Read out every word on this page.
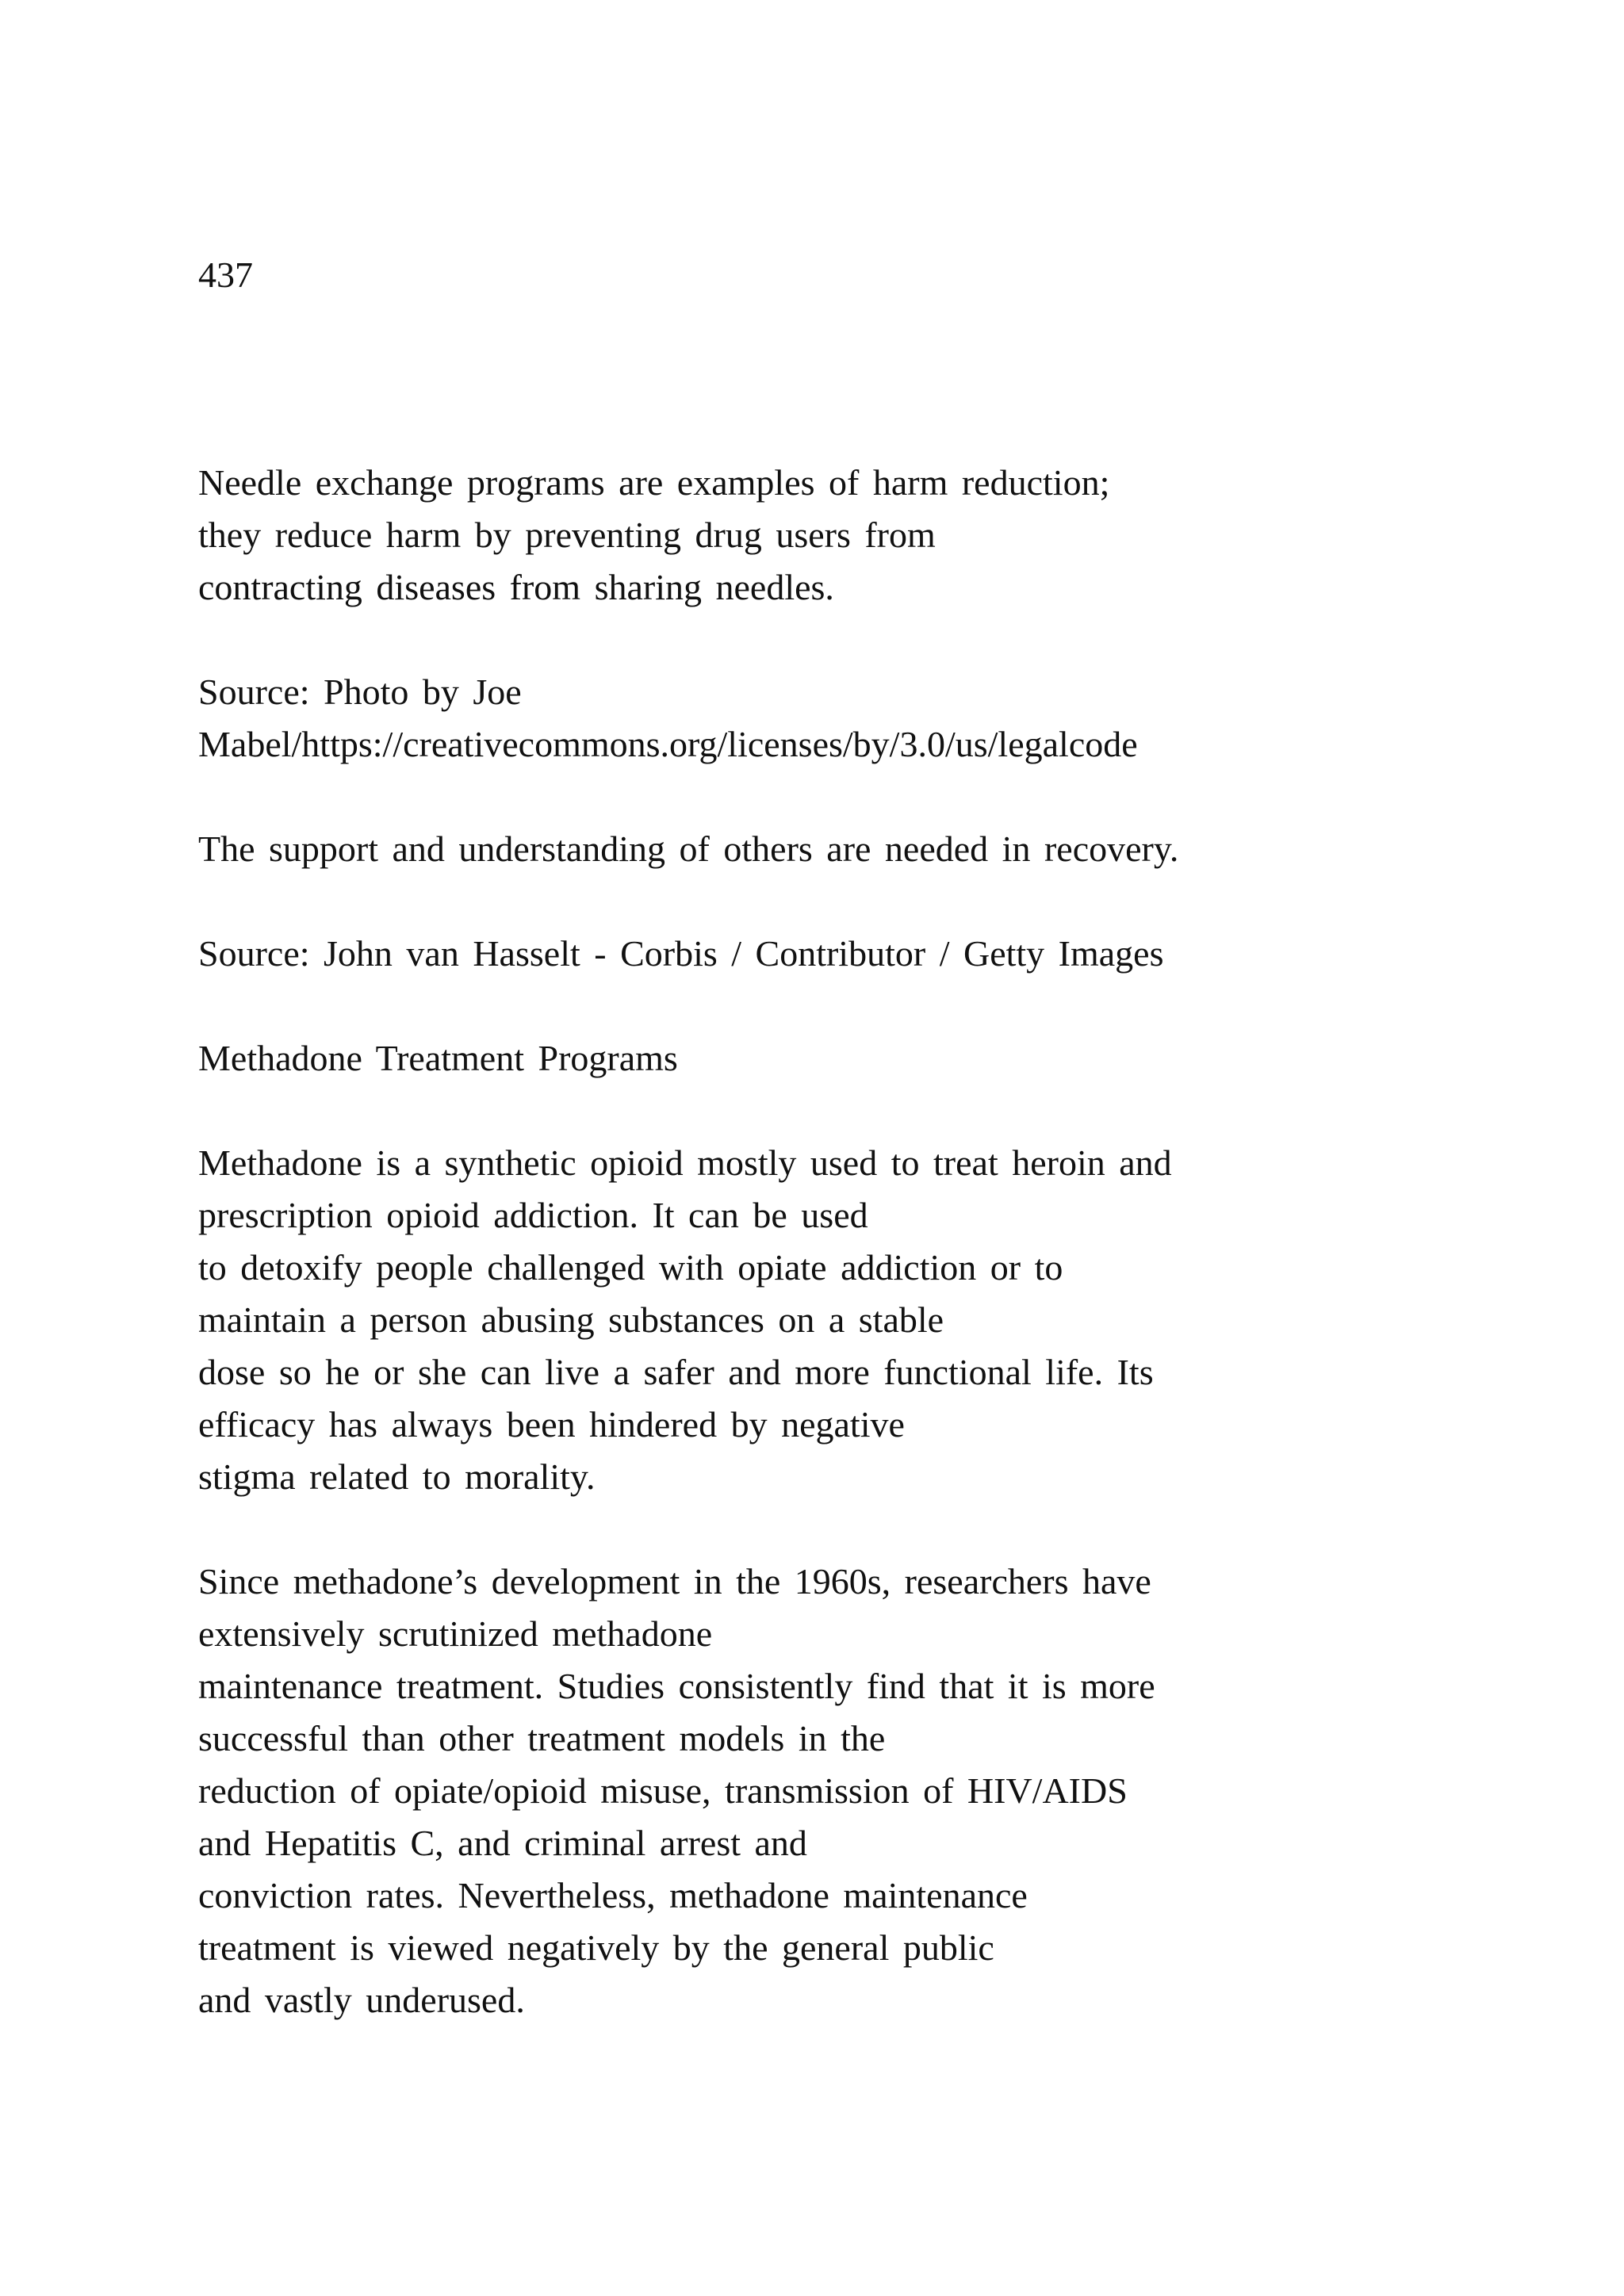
437

Needle exchange programs are examples of harm reduction;

they reduce harm by preventing drug users from

contracting diseases from sharing needles.

Source: Photo by Joe

Mabel/https://creativecommons.org/licenses/by/3.0/us/legalcode

The support and understanding of others are needed in recovery.

Source: John van Hasselt - Corbis / Contributor / Getty Images

Methadone Treatment Programs

Methadone is a synthetic opioid mostly used to treat heroin and

prescription opioid addiction. It can be used

to detoxify people challenged with opiate addiction or to

maintain a person abusing substances on a stable

dose so he or she can live a safer and more functional life. Its

efficacy has always been hindered by negative

stigma related to morality.

Since methadone’s development in the 1960s, researchers have

extensively scrutinized methadone

maintenance treatment. Studies consistently find that it is more

successful than other treatment models in the

reduction of opiate/opioid misuse, transmission of HIV/AIDS

and Hepatitis C, and criminal arrest and

conviction rates. Nevertheless, methadone maintenance

treatment is viewed negatively by the general public

and vastly underused.
